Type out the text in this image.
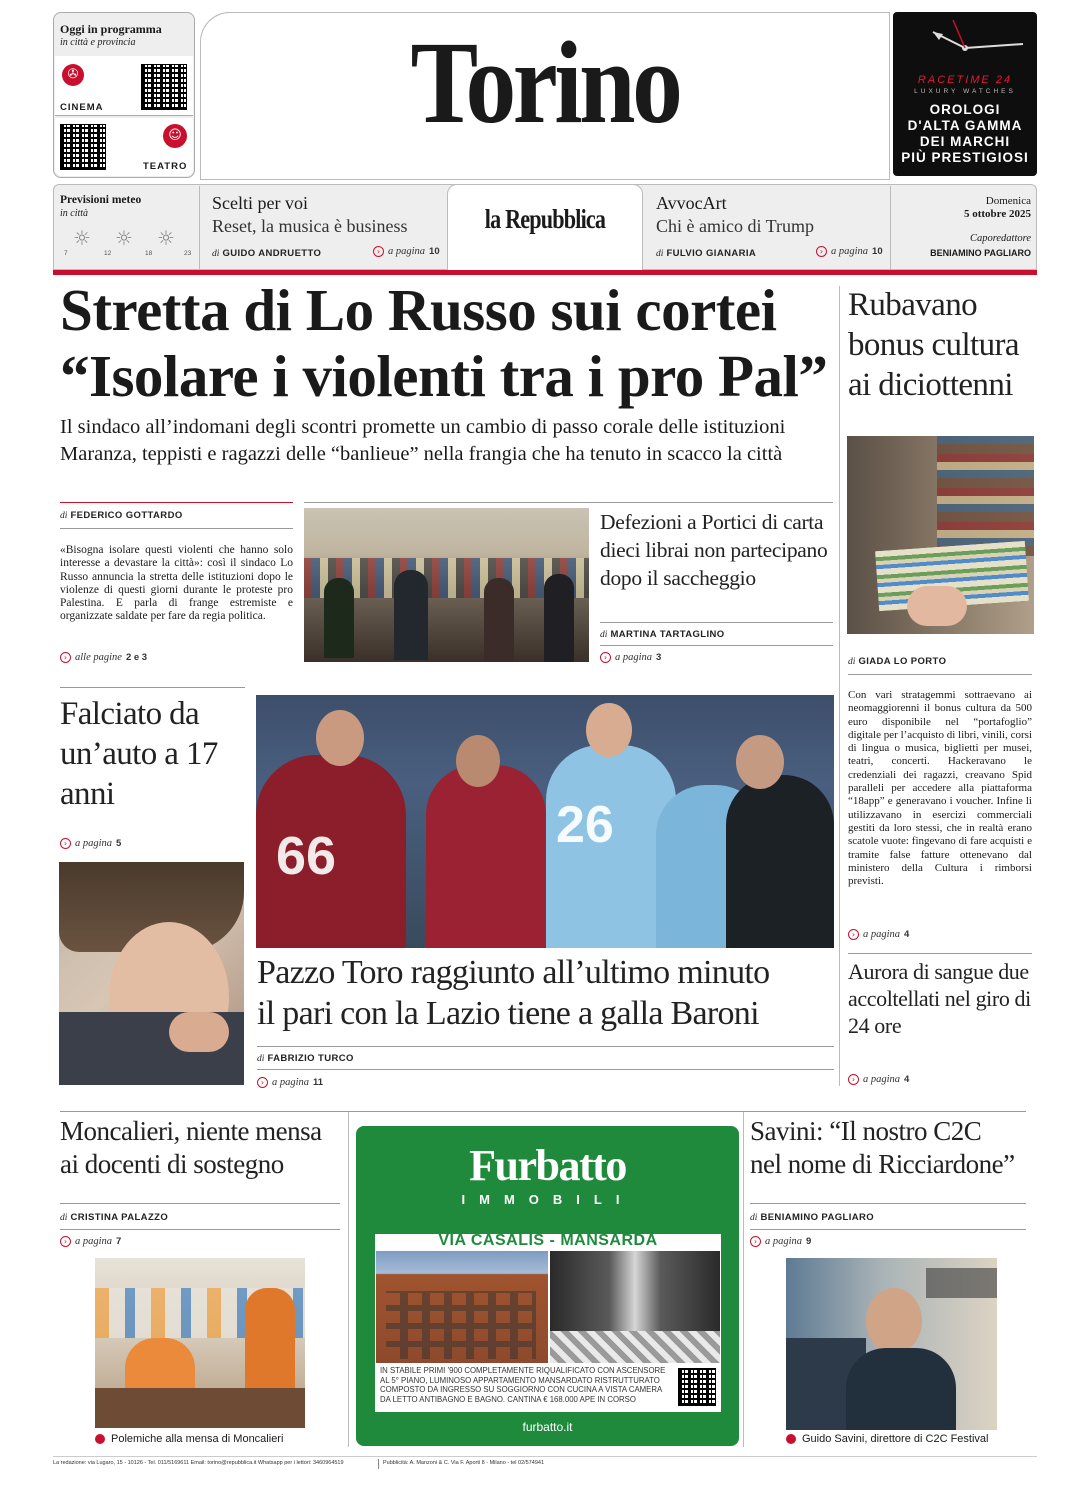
Oggi in programma
in città e provincia
✇
CINEMA
☺
TEATRO
Torino	RACETIME 24
LUXURY WATCHES
OROLOGI
D'ALTA GAMMA
DEI MARCHI
PIÙ PRESTIGIOSI
Previsioni meteo
in città
☼ ☼ ☼
7	12	18	23
Scelti per voi
Reset, la musica è business
di GUIDO ANDRUETTO	› a pagina 10
la Repubblica
AvvocArt
Chi è amico di Trump
di FULVIO GIANARIA	› a pagina 10
Domenica
5 ottobre 2025
Caporedattore
BENIAMINO PAGLIARO
Stretta di Lo Russo sui cortei
“Isolare i violenti tra i pro Pal”
Il sindaco all’indomani degli scontri promette un cambio di passo corale delle istituzioni
Maranza, teppisti e ragazzi delle “banlieue” nella frangia che ha tenuto in scacco la città
di FEDERICO GOTTARDO
«Bisogna isolare questi violenti che hanno solo interesse a devastare la città»: così il sindaco Lo Russo annuncia la stretta delle istituzioni dopo le violenze di questi giorni durante le proteste pro Palestina. E parla di frange estremiste e organizzate saldate per fare da regia politica.
› alle pagine 2 e 3
Defezioni a Portici di carta dieci librai non partecipano dopo il saccheggio
di MARTINA TARTAGLINO
› a pagina 3
Rubavano bonus cultura ai diciottenni
di GIADA LO PORTO
Con vari stratagemmi sottraevano ai neomaggiorenni il bonus cultura da 500 euro disponibile nel “portafoglio” digitale per l’acquisto di libri, vinili, corsi di lingua o musica, biglietti per musei, teatri, concerti. Hackeravano le credenziali dei ragazzi, creavano Spid paralleli per accedere alla piattaforma “18app” e generavano i voucher. Infine li utilizzavano in esercizi commerciali gestiti da loro stessi, che in realtà erano scatole vuote: fingevano di fare acquisti e tramite false fatture ottenevano dal ministero della Cultura i rimborsi previsti.
› a pagina 4
Falciato da un’auto a 17 anni
› a pagina 5	66
26
Pazzo Toro raggiunto all’ultimo minuto
il pari con la Lazio tiene a galla Baroni
di FABRIZIO TURCO
› a pagina 11
Aurora di sangue due accoltellati nel giro di 24 ore
› a pagina 4
Moncalieri, niente mensa
ai docenti di sostegno
di CRISTINA PALAZZO
› a pagina 7
Polemiche alla mensa di Moncalieri
Furbatto
IMMOBILI
VIA CASALIS - MANSARDA
IN STABILE PRIMI ’900 COMPLETAMENTE RIQUALIFICATO CON ASCENSORE AL 5° PIANO, LUMINOSO APPARTAMENTO MANSARDATO RISTRUTTURATO COMPOSTO DA INGRESSO SU SOGGIORNO CON CUCINA A VISTA CAMERA DA LETTO ANTIBAGNO E BAGNO. CANTINA € 168.000 APE IN CORSO
furbatto.it
Savini: “Il nostro C2C
nel nome di Ricciardone”
di BENIAMINO PAGLIARO
› a pagina 9
Guido Savini, direttore di C2C Festival
La redazione: via Lugaro, 15 - 10126 - Tel. 011/5169611 Email: torino@repubblica.it Whatsapp per i lettori: 3460964519	Pubblicità: A. Manzoni & C. Via F. Aporti 8 - Milano - tel 02/574941
